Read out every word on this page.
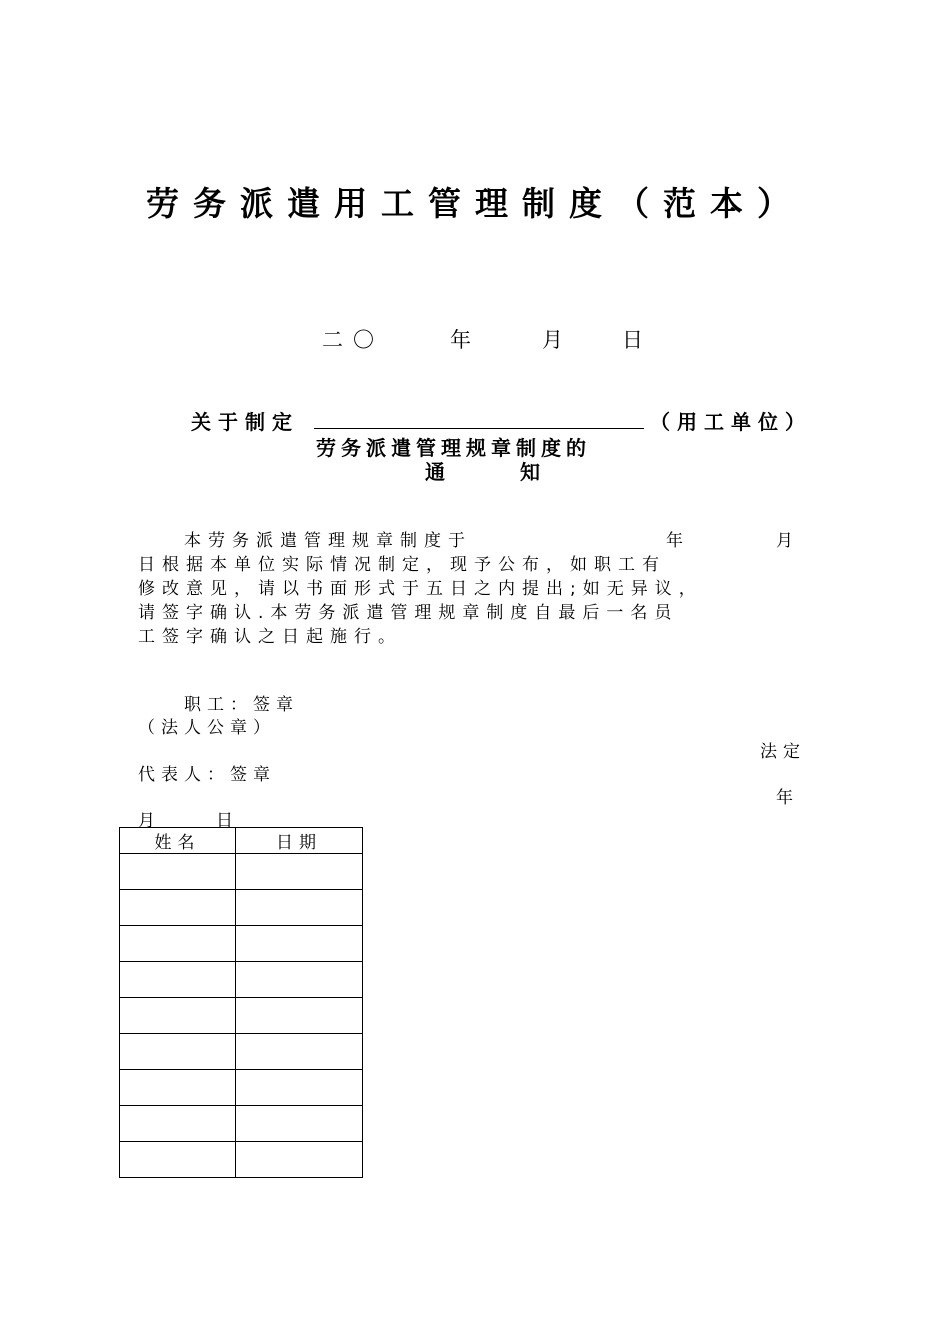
劳务派遣用工管理制度（范本）
二〇	年	月	日
关于制定	（用工单位）
劳务派遣管理规章制度的
通	知
本劳务派遣管理规章制度于	年	月
日根据本单位实际情况制定，现予公布，如职工有
修改意见，请以书面形式于五日之内提出;如无异议，
请签字确认.本劳务派遣管理规章制度自最后一名员
工签字确认之日起施行。
职工：签章
（法人公章）
法定
代表人：签章
年
月	日
姓名	日期
